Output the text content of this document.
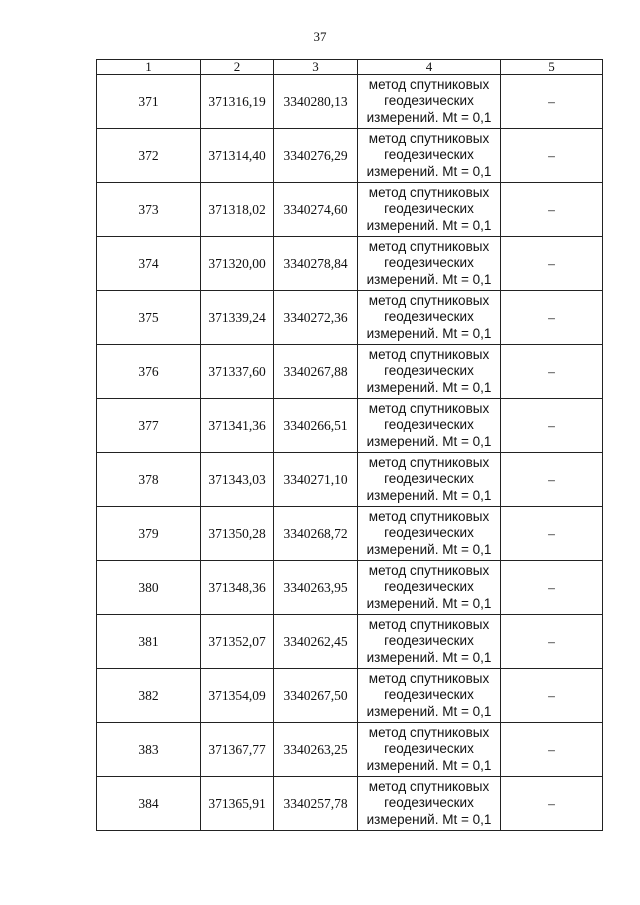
37
1	2	3	4	5
371	371316,19	3340280,13	метод спутниковых
геодезических
измерений. Mt = 0,1	–
372	371314,40	3340276,29	метод спутниковых
геодезических
измерений. Mt = 0,1	–
373	371318,02	3340274,60	метод спутниковых
геодезических
измерений. Mt = 0,1	–
374	371320,00	3340278,84	метод спутниковых
геодезических
измерений. Mt = 0,1	–
375	371339,24	3340272,36	метод спутниковых
геодезических
измерений. Mt = 0,1	–
376	371337,60	3340267,88	метод спутниковых
геодезических
измерений. Mt = 0,1	–
377	371341,36	3340266,51	метод спутниковых
геодезических
измерений. Mt = 0,1	–
378	371343,03	3340271,10	метод спутниковых
геодезических
измерений. Mt = 0,1	–
379	371350,28	3340268,72	метод спутниковых
геодезических
измерений. Mt = 0,1	–
380	371348,36	3340263,95	метод спутниковых
геодезических
измерений. Mt = 0,1	–
381	371352,07	3340262,45	метод спутниковых
геодезических
измерений. Mt = 0,1	–
382	371354,09	3340267,50	метод спутниковых
геодезических
измерений. Mt = 0,1	–
383	371367,77	3340263,25	метод спутниковых
геодезических
измерений. Mt = 0,1	–
384	371365,91	3340257,78	метод спутниковых
геодезических
измерений. Mt = 0,1	–
